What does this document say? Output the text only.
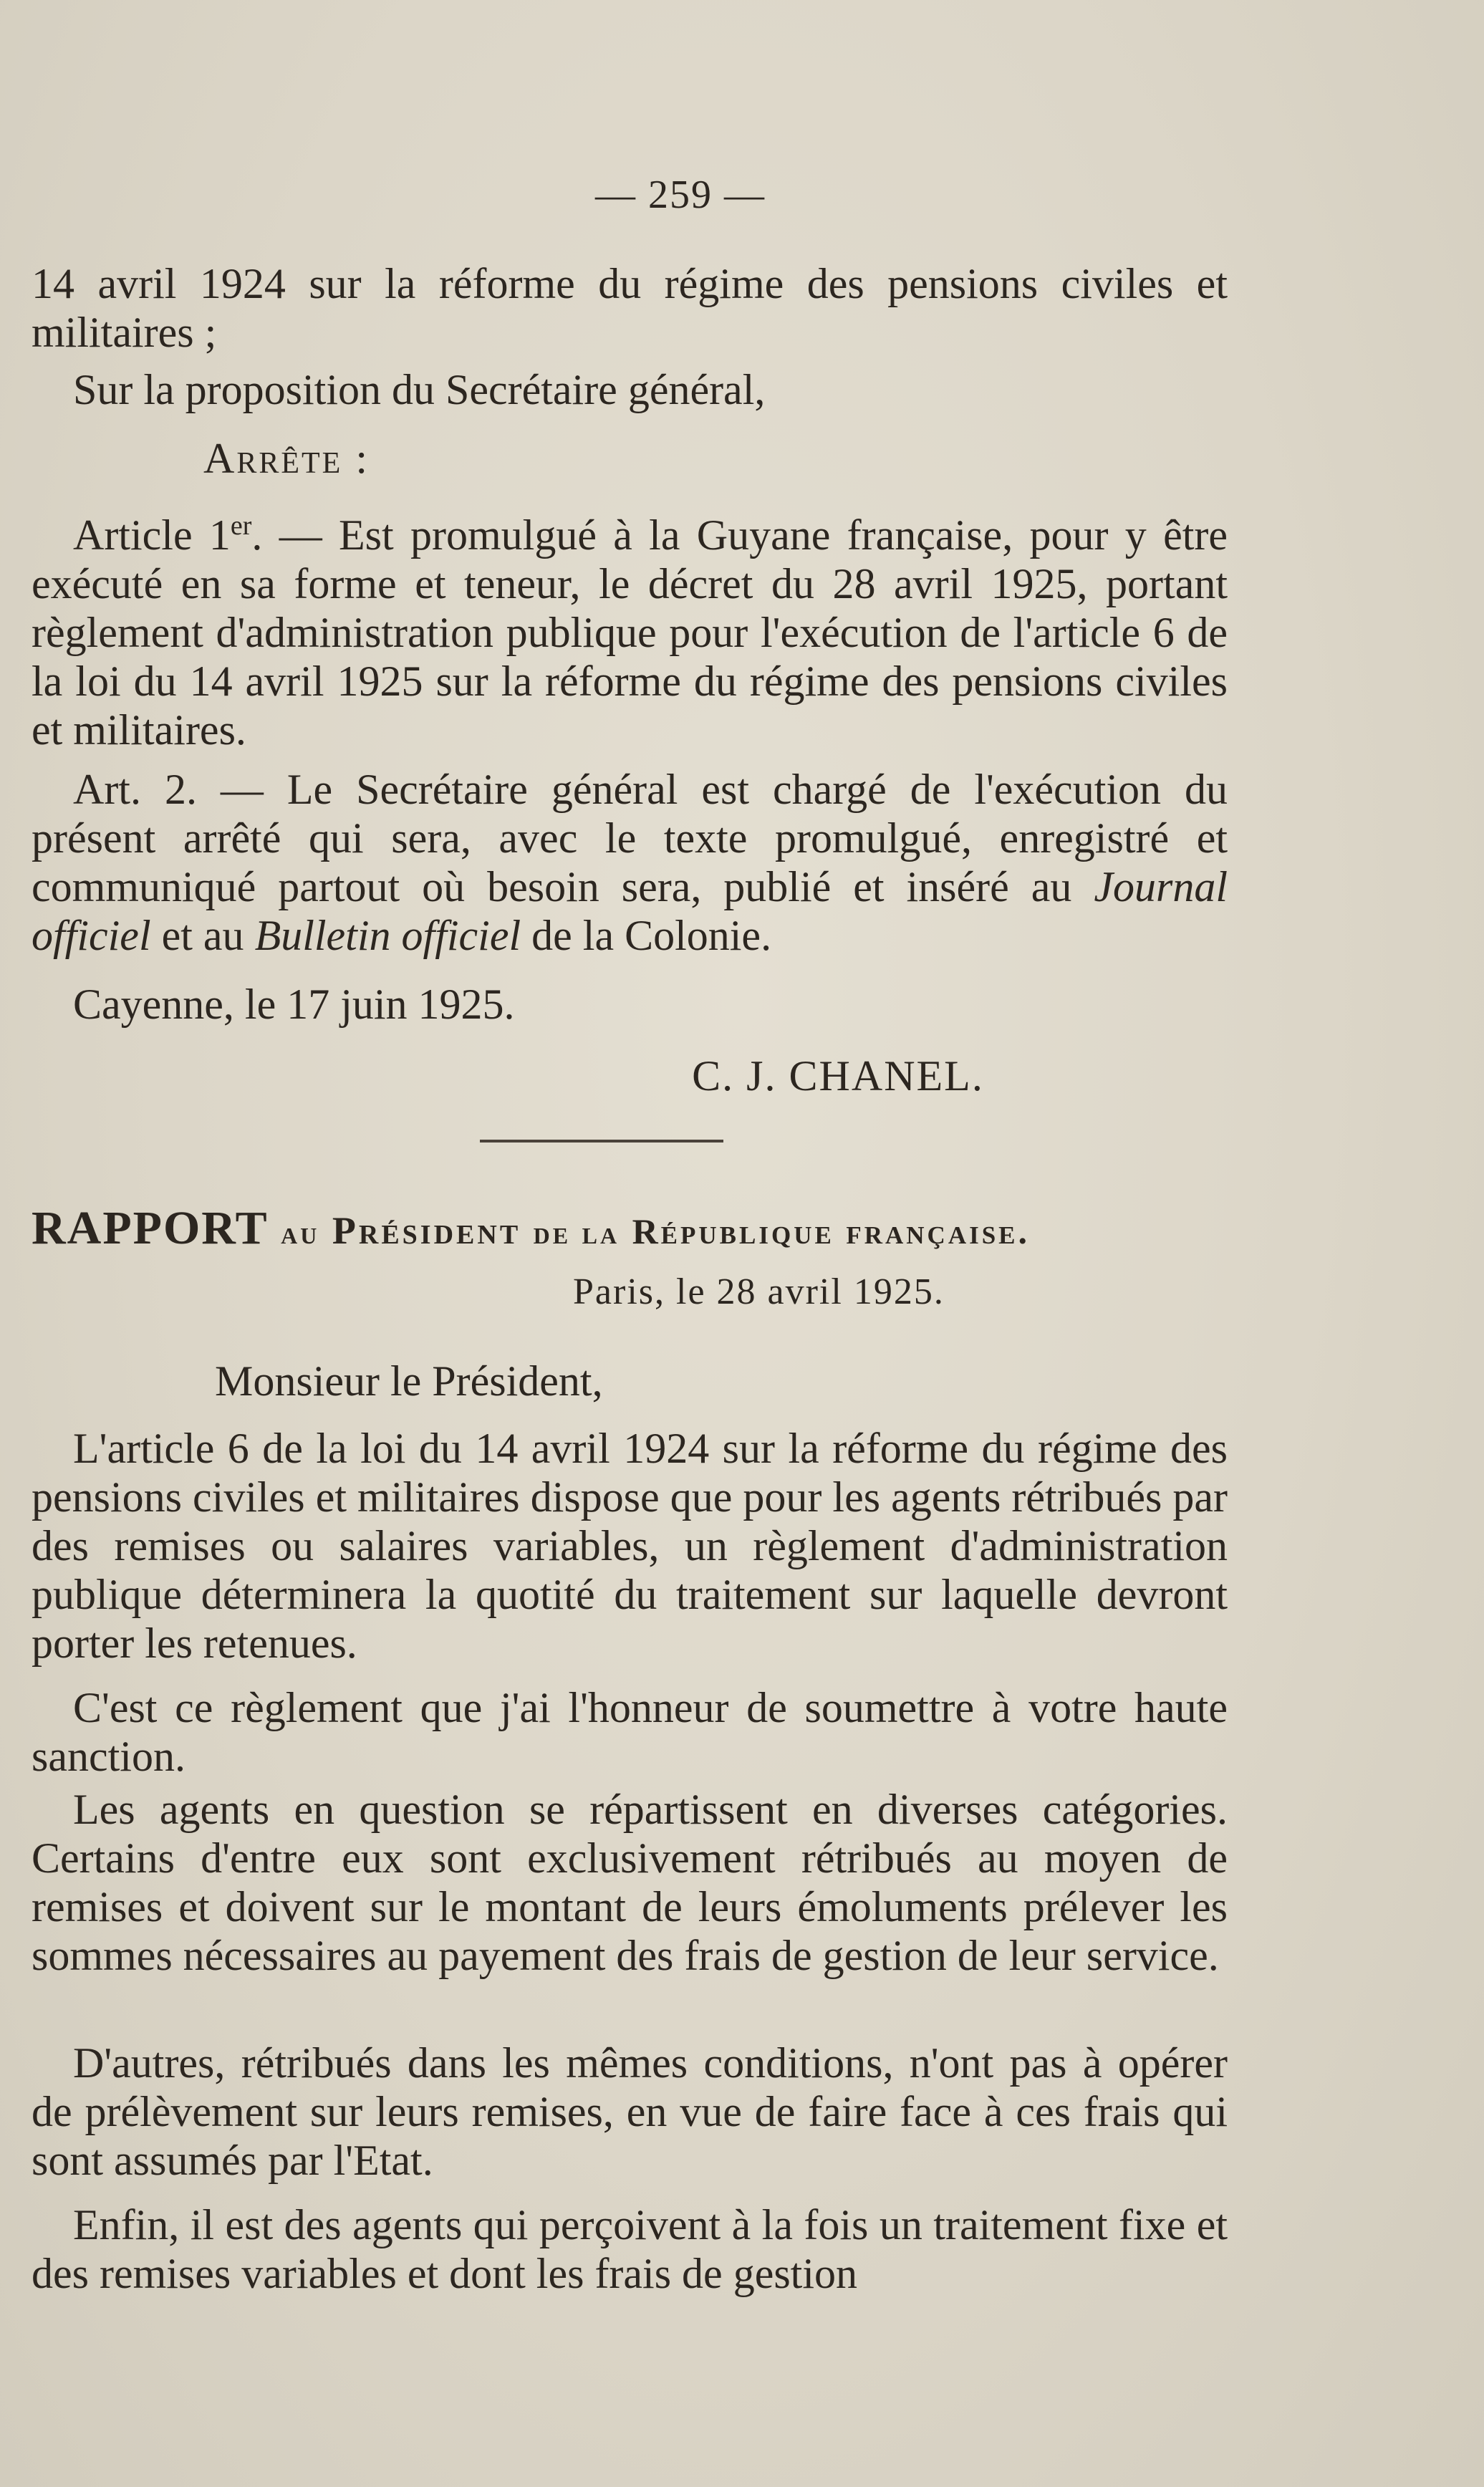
— 259 —

14 avril 1924 sur la réforme du régime des pensions civiles et militaires ;

Sur la proposition du Secrétaire général,

Arrête :

Article 1er. — Est promulgué à la Guyane française, pour y être exécuté en sa forme et teneur, le décret du 28 avril 1925, portant règlement d'administration publique pour l'exécution de l'article 6 de la loi du 14 avril 1925 sur la réforme du régime des pensions civiles et militaires.

Art. 2. — Le Secrétaire général est chargé de l'exécution du présent arrêté qui sera, avec le texte promulgué, enregistré et communiqué partout où besoin sera, publié et inséré au Journal officiel et au Bulletin officiel de la Colonie.

Cayenne, le 17 juin 1925.

C. J. CHANEL.
RAPPORT au Président de la République française.
Paris, le 28 avril 1925.
Monsieur le Président,

L'article 6 de la loi du 14 avril 1924 sur la réforme du régime des pensions civiles et militaires dispose que pour les agents rétribués par des remises ou salaires variables, un règlement d'administration publique déterminera la quotité du traitement sur laquelle devront porter les retenues.

C'est ce règlement que j'ai l'honneur de soumettre à votre haute sanction.

Les agents en question se répartissent en diverses catégories. Certains d'entre eux sont exclusivement rétribués au moyen de remises et doivent sur le montant de leurs émoluments prélever les sommes nécessaires au payement des frais de gestion de leur service.

D'autres, rétribués dans les mêmes conditions, n'ont pas à opérer de prélèvement sur leurs remises, en vue de faire face à ces frais qui sont assumés par l'Etat.

Enfin, il est des agents qui perçoivent à la fois un traitement fixe et des remises variables et dont les frais de gestion
